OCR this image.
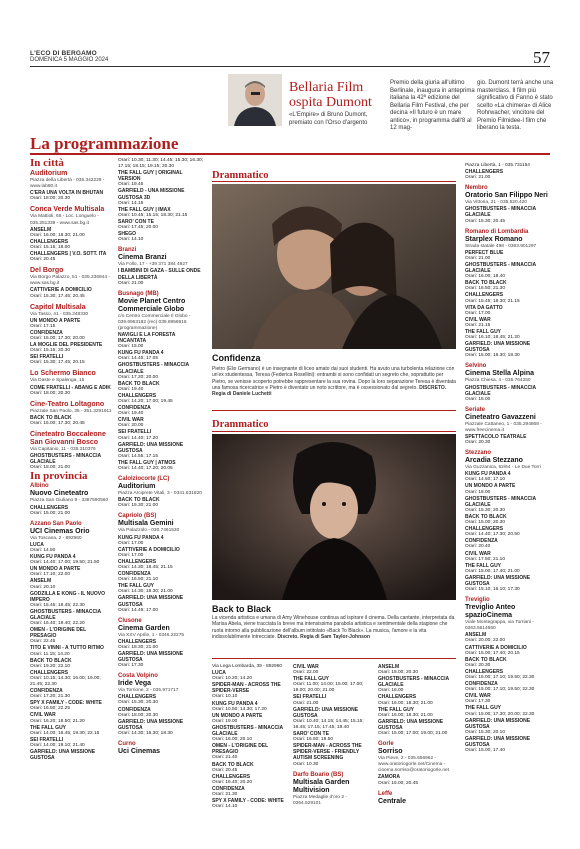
L'ECO DI BERGAMO
DOMENICA 5 MAGGIO 2024	57
Bellaria Film ospita Dumont
«L'Empire» di Bruno Dumont, premiato con l'Orso d'argento
Premio della giuria all'ultimo Berlinale, inaugura in anteprima italiana la 42ª edizione del Bellaria Film Festival, che per decina «Il futuro è un mare antico», in programma dall'8 al 12 mag-
gio. Dumont terrà anche una masterclass. Il film più significativo di Fanno è stato scelto «La chimera» di Alice Rohrwacher, vincitore del Premio Filmidee-I film che liberano la testa.
La programmazione
In città
Auditorium
Piazza della Libertà - 035.342229 - www.lab80.it
C'ERA UNA VOLTA IN BHUTAN
Orari: 18:00; 20.30
Conca Verde Multisala
Via Mattioli, 65 - Loc. Longuelo - 035.251339 - www.sas.bg.it
ANSELM
Orari: 16.00; 18.30; 21.00
CHALLENGERS
Orari: 15.15; 18.00
CHALLENGERS | V.O. SOTT. ITA
Orari: 20.45
Del Borgo
Via Borgo Palazzo, 51 - 035.236944 - www.sas.bg.it
CATTIVERIE A DOMICILIO
Orari: 15.30; 17.45; 20.45
Capitol Multisala
Via Tasso, 41 - 035.248330
UN MONDO A PARTE
Orari: 17.15
CONFIDENZA
Orari: 15.00; 17.30; 20.00
LA MOGLIE DEL PRESIDENTE
Orari: 15.15; 20.30
SEI FRATELLI
Orari: 15.30; 17.45; 20.15
Lo Schermo Bianco
Via Daste e Spalenga, 15
COME FRATELLI - ABANG E ADIK
Orari: 18.00; 20.30
Cine-Teatro Loltagono
Piazzale San Paolo, 35 - 351.3291911
BACK TO BLACK
Orari: 15.00; 17.30; 20.45
Cineteatro Boccaleone San Giovanni Bosco
Via Capitanio, 11 - 035.310376
GHOSTBUSTERS - MINACCIA GLACIALE
Orari: 18.00; 21.00
In provincia
Albino
Nuovo Cineteatro
Piazza San Giuliano 9 - 3387590560
CHALLENGERS
Orari: 15.00; 21.00
Azzano San Paolo
UCI Cinemas Orio
Via Toscana, 2 - 892960
LUCA
Orari: 14.50
KUNG FU PANDA 4
Orari: 14.40; 17.00; 19.50; 21.50
UN MONDO A PARTE
Orari: 17.10; 22.00
ANSELM
Orari: 20.10
GODZILLA E KONG - IL NUOVO IMPERO
Orari: 15.45; 18.45; 22.30
GHOSTBUSTERS - MINACCIA GLACIALE
Orari: 16.40; 19.40; 22.20
OMEN - L'ORIGINE DEL PRESAGIO
Orari: 22.45
TITO E VINNI - A TUTTO RITMO
Orari: 11.15; 14.20
BACK TO BLACK
Orari: 19.20; 22.10
CHALLENGERS
Orari: 10.15; 14.30; 16.00; 19.00; 21.45; 22.30
CONFIDENZA
Orari: 17.20; 21.30
SPY X FAMILY - CODE: WHITE
Orari: 16.50; 22.25
CIVIL WAR
Orari: 16.20; 18.50; 21.20
THE FALL GUY
Orari: 14.00; 16.45; 19.30; 22.15
SEI FRATELLI
Orari: 14.00; 19.10; 21.40
GARFIELD: UNA MISSIONE GUSTOSA
Orari: 10.30; 11.30; 14.45; 15.30; 16.30; 17.15; 18.15; 19.15; 20.30
THE FALL GUY | ORIGINAL VERSION
Orari: 19.45
GARFIELD - UNA MISSIONE GUSTOSA 3D
Orari: 14.15
THE FALL GUY | IMAX
Orari: 10.45; 15.15; 18.30; 21.15
SARO' CON TE
Orari: 17.45; 20.00
SHEGO
Orari: 14.10
Branzi
Cinema Branzi
Via Follo, 17 - +39 371 384 4927
I BAMBINI DI GAZA - SULLE ONDE DELLA LIBERTÀ
Orari: 21.00
Busnago (MB)
Movie Planet Centro Commerciale Globo
c/o Centro Commerciale Il Globo - 039.6953182 (rec) 039.6956916 (programmazione)
NAVIGLI E LA FORESTA INCANTATA
Orari: 15.00
KUNG FU PANDA 4
Orari: 14.45; 17.05
GHOSTBUSTERS - MINACCIA GLACIALE
Orari: 17.20; 20.00
BACK TO BLACK
Orari: 19.40
CHALLENGERS
Orari: 14.20; 17.00; 19.45
CONFIDENZA
Orari: 19.40
CIVIL WAR
Orari: 20.00
SEI FRATELLI
Orari: 14.40; 17.20
GARFIELD: UNA MISSIONE GUSTOSA
Orari: 14.55; 17.15
THE FALL GUY | ATMOS
Orari: 14.40; 17.20; 20.05
Calolziocorte (LC)
Auditorium
Piazza Arciprete Vitali, 3 - 0341.631820
BACK TO BLACK
Orari: 15.30; 21.00
Capriolo (BS)
Multisala Gemini
Via Palazzolo - 030.7461530
KUNG FU PANDA 4
Orari: 17.00
CATTIVERIE A DOMICILIO
Orari: 17.00
CHALLENGERS
Orari: 14.30; 18.45; 21.15
CONFIDENZA
Orari: 16.50; 21.10
THE FALL GUY
Orari: 14.30; 18.30; 21.00
GARFIELD: UNA MISSIONE GUSTOSA
Orari: 14.45; 17.00
Clusone
Cinema Garden
Via XXV Aprile, 1 - 0346.22275
CHALLENGERS
Orari: 18.30; 21.00
GARFIELD: UNA MISSIONE GUSTOSA
Orari: 17.30
Costa Volpino
Iride Vega
Via Torrione, 2 - 035.971717
CHALLENGERS
Orari: 15.30; 20.30
CONFIDENZA
Orari: 18.00; 20.30
GARFIELD: UNA MISSIONE GUSTOSA
Orari: 14.30; 16.30; 18.30
Curno
Uci Cinemas
Drammatico
Confidenza
Pietro (Elio Germano) è un insegnante di liceo amato dai suoi studenti. Ha avuto una turbolenta relazione con un'ex studentessa, Teresa (Federica Rosellini): entrambi si sono confidati un segreto che, soprattutto per Pietro, se venisse scoperto potrebbe rappresentare la sua rovina. Dopo la loro separazione Teresa è diventata una famosa ricercatrice e Pietro è diventato un noto scrittore, ma è ossessionato dal segreto. DISCRETO. Regia di Daniele Luchetti
Drammatico
Back to Black
La vicenda artistica e umana di Amy Winehouse continua ad ispirare il cinema. Della cantante, interpretata da Marisa Abela, viene tracciata la breve ma intensissima parabola artistica e sentimentale della stagione che ruota intorno alla pubblicazione dell'album intitolato «Back To Black». La musica, l'amore e la vita indissolubilmente intrecciate. Discreto. Regia di Sam Taylor-Johnson
Via Lega Lombarda, 39 - 892960
LUCA
Orari: 10.20; 14.20
SPIDER-MAN - ACROSS THE SPIDER-VERSE
Orari: 10.10
KUNG FU PANDA 4
Orari: 10.50; 14.30; 17.20
UN MONDO A PARTE
Orari: 19.00
GHOSTBUSTERS - MINACCIA GLACIALE
Orari: 16.00; 20.10
OMEN - L'ORIGINE DEL PRESAGIO
Orari: 21.40
BACK TO BLACK
Orari: 20.45
CHALLENGERS
Orari: 16.40; 20.20
CONFIDENZA
Orari: 21.30
SPY X FAMILY - CODE: WHITE
Orari: 14.10
CIVIL WAR
Orari: 22.00
THE FALL GUY
Orari: 11.00; 14.00; 15.00; 17.00; 18.00; 20.00; 21.00
SEI FRATELLI
Orari: 21.00
GARFIELD: UNA MISSIONE GUSTOSA
Orari: 10.40; 14.15; 14.45; 15.15; 16.45; 17.15; 17.45; 19.40
SARO' CON TE
Orari: 16.50; 19.50
SPIDER-MAN - ACROSS THE SPIDER-VERSE - FRIENDLY AUTISM SCREENING
Orari: 10.30
Darfo Boario (BS)
Multisala Garden Multivision
Piazza Medaglie d'oro 2 - 0364.529101
ANSELM
Orari: 18.00; 20.30
GHOSTBUSTERS - MINACCIA GLACIALE
Orari: 16.00
CHALLENGERS
Orari: 16.00; 18.30; 21.00
THE FALL GUY
Orari: 16.00; 18.30; 21.00
GARFIELD: UNA MISSIONE GUSTOSA
Orari: 15.00; 17.00; 19.00; 21.00
Gorle
Sorriso
Via Pieve, 2 - 035.656962 - www.oratoriogorle.net/Cinema - cinema.sorriso@oratoriogorle.net
ZAMORA
Orari: 16.00; 20.45
Leffe
Centrale
Piazza Libertà, 1 - 035.731154
CHALLENGERS
Orari: 21.00
Nembro
Oratorio San Filippo Neri
Via Vittoria, 21 - 035.520.420
GHOSTBUSTERS - MINACCIA GLACIALE
Orari: 15.30; 20.45
Romano di Lombardia
Starplex Romano
Strada statale 498 - 0363.901297
PERFECT BLUE
Orari: 21.00
GHOSTBUSTERS - MINACCIA GLACIALE
Orari: 16.00; 18.40
BACK TO BLACK
Orari: 16.50; 21.30
CHALLENGERS
Orari: 15.45; 18.30; 21.15
VITA DA GATTO
Orari: 17.00
CIVIL WAR
Orari: 21.15
THE FALL GUY
Orari: 16.10; 18.45; 21.20
GARFIELD: UNA MISSIONE GUSTOSA
Orari: 15.00; 16.30; 18.30
Selvino
Cinema Stella Alpina
Piazza Chiesa, 4 - 035.764250
GHOSTBUSTERS - MINACCIA GLACIALE
Orari: 16.00
Seriate
Cineteatro Gavazzeni
Piazzale Cattaneo, 1 - 035.294868 - www.freecinema.it
SPETTACOLO TEATRALE
Orari: 20.30
Stezzano
Arcadia Stezzano
Via Guzzanica, 62/64 - Le Due Torri
KUNG FU PANDA 4
Orari: 14.50; 17.10
UN MONDO A PARTE
Orari: 18.00
GHOSTBUSTERS - MINACCIA GLACIALE
Orari: 15.30; 20.30
BACK TO BLACK
Orari: 15.00; 20.30
CHALLENGERS
Orari: 14.40; 17.30; 20.50
CONFIDENZA
Orari: 20.40
CIVIL WAR
Orari: 17.50; 21.10
THE FALL GUY
Orari: 15.00; 17.40; 21.00
GARFIELD: UNA MISSIONE GUSTOSA
Orari: 15.10; 16.10; 17.30
Treviglio
Treviglio Anteo spazioCinema
Viale Montegrappa, via Torriani - 0363.5614660
ANSELM
Orari: 20.00; 22.00
CATTIVERIE A DOMICILIO
Orari: 15.00; 17.40; 20.15
BACK TO BLACK
Orari: 20.30
CHALLENGERS
Orari: 15.00; 17.10; 19.50; 22.30
CONFIDENZA
Orari: 15.00; 17.10; 19.50; 22.30
CIVIL WAR
Orari: 17.30
THE FALL GUY
Orari: 15.00; 17.30; 20.00; 22.30
GARFIELD: UNA MISSIONE GUSTOSA
Orari: 15.30; 20.10
GARFIELD: UNA MISSIONE GUSTOSA
Orari: 15.00; 17.40
